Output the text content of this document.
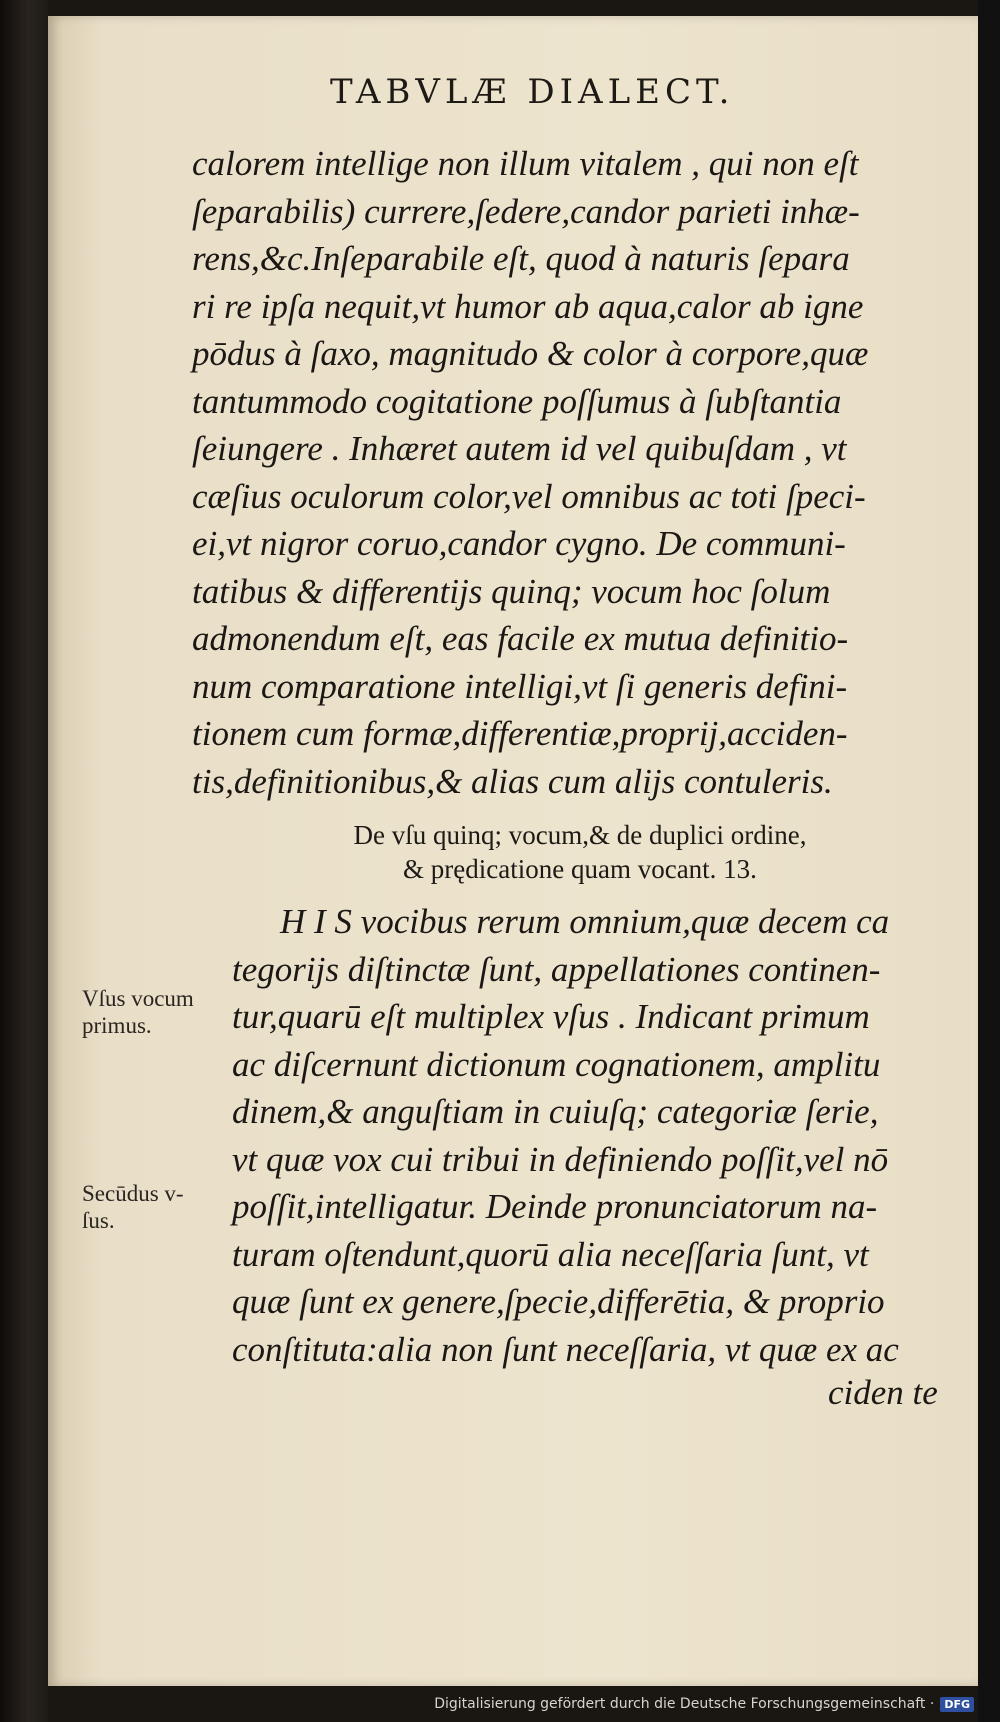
TABVLÆ DIALECT.
calorem intellige non illum vitalem , qui non eſt
ſeparabilis) currere,ſedere,candor parieti inhæ-
rens,&c.Inſeparabile eſt, quod à naturis ſepara
ri re ipſa nequit,vt humor ab aqua,calor ab igne
pōdus à ſaxo, magnitudo & color à corpore,quæ
tantummodo cogitatione poſſumus à ſubſtantia
ſeiungere . Inhæret autem id vel quibuſdam , vt
cæſius oculorum color,vel omnibus ac toti ſpeci-
ei,vt nigror coruo,candor cygno. De communi-
tatibus & differentijs quinq; vocum hoc ſolum
admonendum eſt, eas facile ex mutua definitio-
num comparatione intelligi,vt ſi generis defini-
tionem cum formæ,differentiæ,proprij,acciden-
tis,definitionibus,& alias cum alijs contuleris.
De vſu quinq; vocum,& de duplici ordine,
& prędicatione quam vocant. 13.
H I S vocibus rerum omnium,quæ decem ca
tegorijs diſtinctæ ſunt, appellationes continen-
tur,quarū eſt multiplex vſus . Indicant primum
ac diſcernunt dictionum cognationem, amplitu
dinem,& anguſtiam in cuiuſq; categoriæ ſerie,
vt quæ vox cui tribui in definiendo poſſit,vel nō
poſſit,intelligatur. Deinde pronunciatorum na-
turam oſtendunt,quorū alia neceſſaria ſunt, vt
quæ ſunt ex genere,ſpecie,differētia, & proprio
conſtituta:alia non ſunt neceſſaria, vt quæ ex ac
ciden te
Vſus vocum
primus.
Secūdus v-
ſus.
Digitalisierung gefördert durch die Deutsche Forschungsgemeinschaft · DFG
